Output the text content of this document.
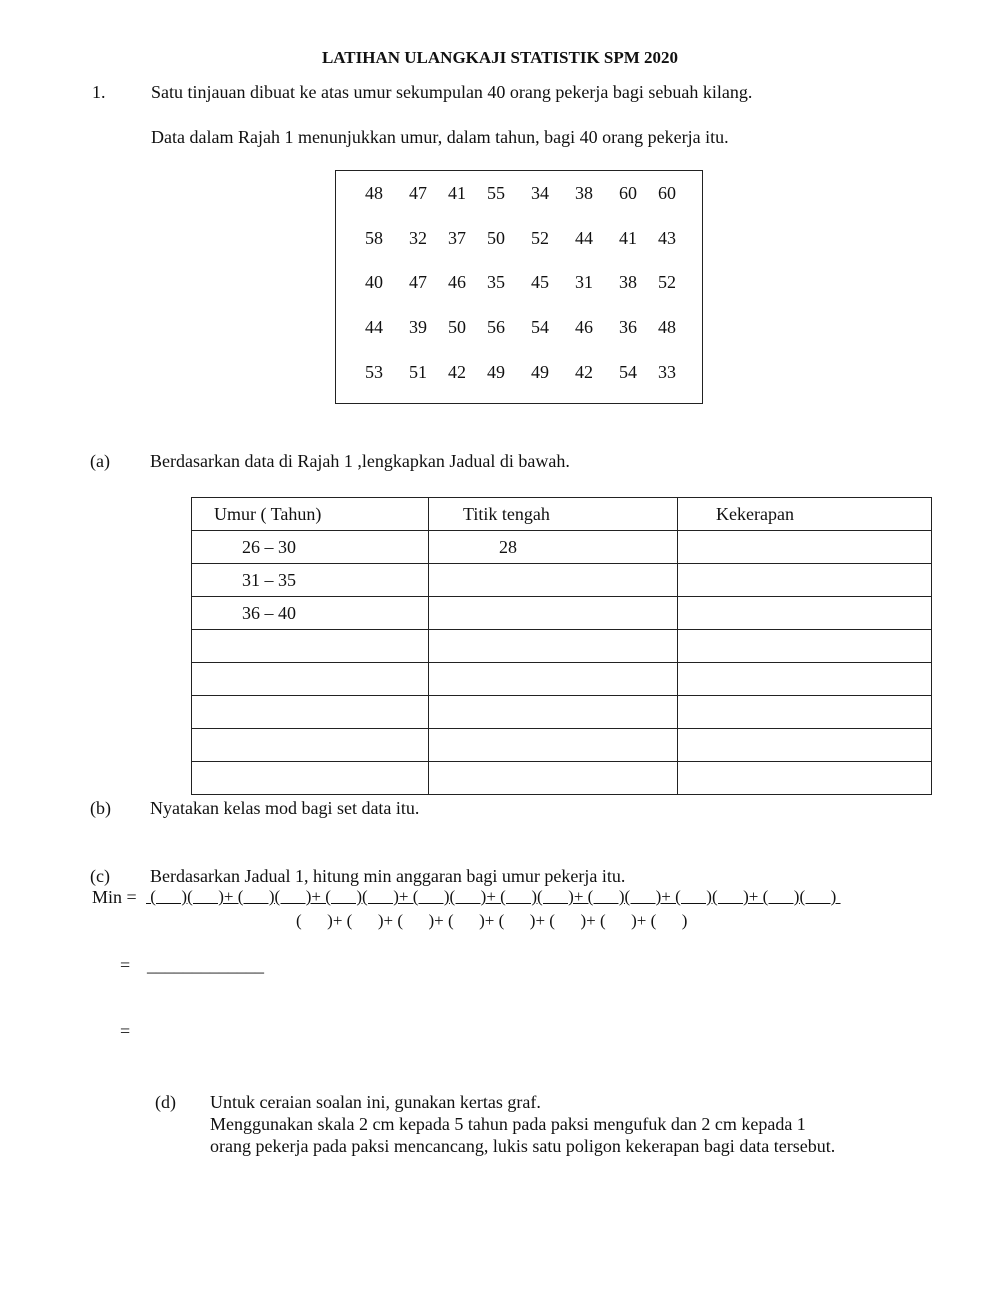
LATIHAN ULANGKAJI STATISTIK SPM 2020
1.	Satu tinjauan dibuat ke atas umur sekumpulan 40 orang pekerja bagi sebuah kilang.
Data dalam Rajah 1 menunjukkan umur, dalam tahun, bagi 40 orang pekerja itu.
48 47 41 55 34 38 60 60
58 32 37 50 52 44 41 43
40 47 46 35 45 31 38 52
44 39 50 56 54 46 36 48
53 51 42 49 49 42 54 33
(a) Berdasarkan data di Rajah 1 ,lengkapkan Jadual di bawah.
Umur ( Tahun)	Titik tengah	Kekerapan
26 – 30	28	
31 – 35		
36 – 40		

(b) Nyatakan kelas mod bagi set data itu.
(c) Berdasarkan Jadual 1, hitung min anggaran bagi umur pekerja itu.
Min = (      )(      )+ (      )(      )+ (      )(      )+ (      )(      )+ (      )(      )+ (      )(      )+ (      )(      )+ (      )(      )
(      )+ (      )+ (      )+ (      )+ (      )+ (      )+ (      )+ (      )
= _____________
=
(d) Untuk ceraian soalan ini, gunakan kertas graf.
Menggunakan skala 2 cm kepada 5 tahun pada paksi mengufuk dan 2 cm kepada 1
orang pekerja pada paksi mencancang, lukis satu poligon kekerapan bagi data tersebut.
